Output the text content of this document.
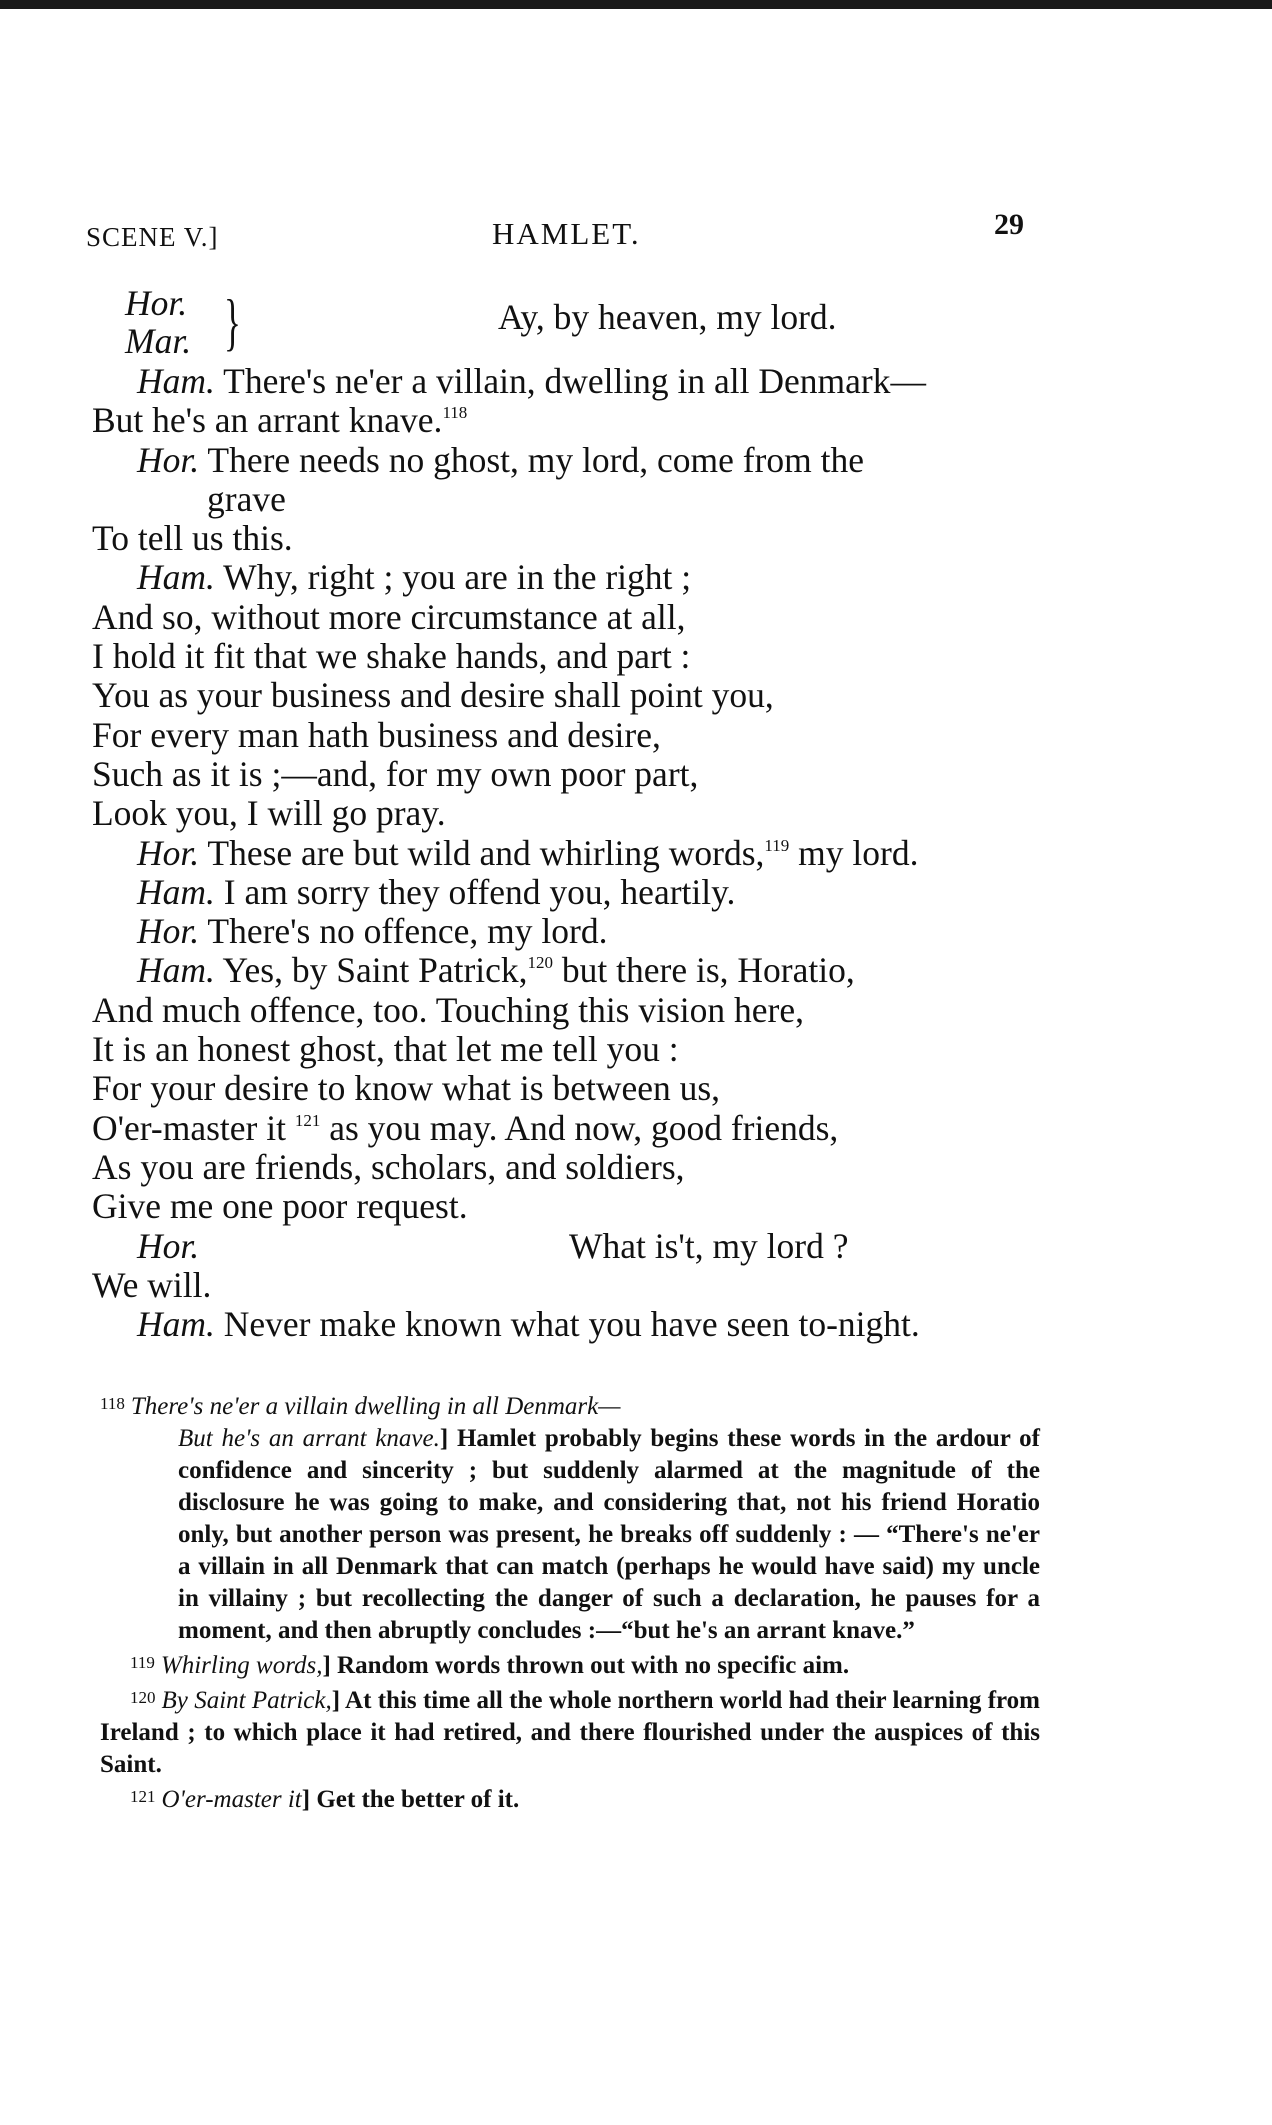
SCENE V.]	HAMLET.	29
Hor.
Mar. }	Ay, by heaven, my lord.
Ham. There's ne'er a villain, dwelling in all Denmark—
But he's an arrant knave.$^{118}$
Hor. There needs no ghost, my lord, come from the
grave
To tell us this.
Ham. Why, right ; you are in the right ;
And so, without more circumstance at all,
I hold it fit that we shake hands, and part :
You as your business and desire shall point you,
For every man hath business and desire,
Such as it is ;—and, for my own poor part,
Look you, I will go pray.
Hor. These are but wild and whirling words,$^{119}$ my lord.
Ham. I am sorry they offend you, heartily.
Hor. There's no offence, my lord.
Ham. Yes, by Saint Patrick,$^{120}$ but there is, Horatio,
And much offence, too. Touching this vision here,
It is an honest ghost, that let me tell you :
For your desire to know what is between us,
O'er-master it $^{121}$ as you may. And now, good friends,
As you are friends, scholars, and soldiers,
Give me one poor request.
Hor.	What is't, my lord ?
We will.
Ham. Never make known what you have seen to-night.

$^{118}$ There's ne'er a villain dwelling in all Denmark—
But he's an arrant knave.] Hamlet probably begins these words in the ardour of confidence and sincerity ; but suddenly alarmed at the magnitude of the disclosure he was going to make, and considering that, not his friend Horatio only, but another person was present, he breaks off suddenly : — “There's ne'er a villain in all Denmark that can match (perhaps he would have said) my uncle in villainy ; but recollecting the danger of such a declaration, he pauses for a moment, and then abruptly concludes :—“but he's an arrant knave.”

$^{119}$ Whirling words,] Random words thrown out with no specific aim.

$^{120}$ By Saint Patrick,] At this time all the whole northern world had their learning from Ireland ; to which place it had retired, and there flourished under the auspices of this Saint.

$^{121}$ O'er-master it] Get the better of it.
